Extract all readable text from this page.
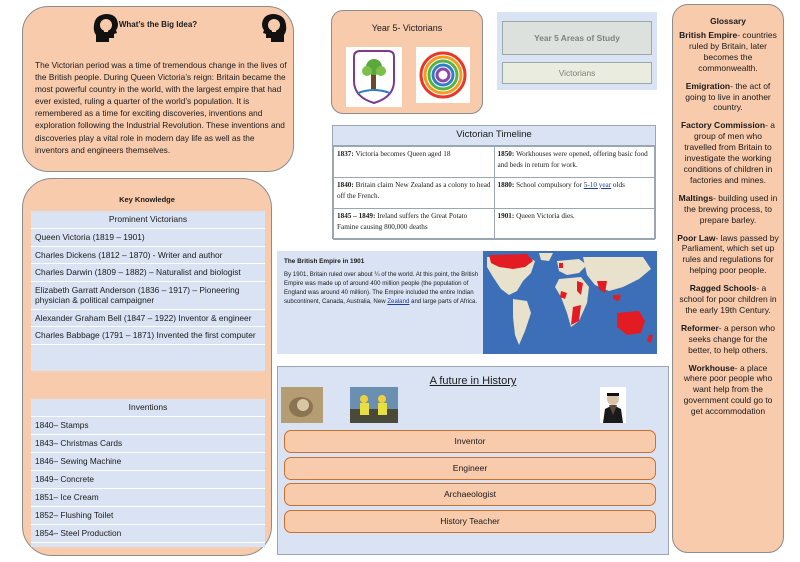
What’s the Big Idea?

The Victorian period was a time of tremendous change in the lives of the British people. During Queen Victoria’s reign: Britain became the most powerful country in the world, with the largest empire that had ever existed, ruling a quarter of the world’s population. It is remembered as a time for exciting discoveries, inventions and exploration following the Industrial Revolution. These inventions and discoveries play a vital role in modern day life as well as the inventors and engineers themselves.

Key Knowledge
Prominent Victorians
Queen Victoria (1819 – 1901)
Charles Dickens (1812 – 1870) - Writer and author
Charles Darwin (1809 – 1882) – Naturalist and biologist
Elizabeth Garratt Anderson (1836 – 1917) – Pioneering physician & political campaigner
Alexander Graham Bell (1847 – 1922) Inventor & engineer
Charles Babbage (1791 – 1871) Invented the first computer
Inventions
1840– Stamps
1843– Christmas Cards
1846– Sewing Machine
1849– Concrete
1851– Ice Cream
1852– Flushing Toilet
1854– Steel Production
Year 5- Victorians
Year 5 Areas of Study
Victorians
Victorian Timeline
1837: Victoria becomes Queen aged 18	1850: Workhouses were opened, offering basic food and beds in return for work.
1840: Britain claim New Zealand as a colony to head off the French.	1880: School compulsory for 5-10 year olds
1845 – 1849: Ireland suffers the Great Potato Famine causing 800,000 deaths	1901: Queen Victoria dies.
The British Empire in 1901

By 1901, Britain ruled over about ¼ of the world. At this point, the British Empire was made up of around 400 million people (the population of England was around 40 million). The Empire included the entire Indian subcontinent, Canada, Australia, New Zealand and large parts of Africa.

A future in History
Inventor
Engineer
Archaeologist
History Teacher
Glossary
British Empire- countries ruled by Britain, later becomes the commonwealth.
Emigration- the act of going to live in another country.
Factory Commission- a group of men who travelled from Britain to investigate the working conditions of children in factories and mines.
Maltings- building used in the brewing process, to prepare barley.
Poor Law- laws passed by Parliament, which set up rules and regulations for helping poor people.
Ragged Schools- a school for poor children in the early 19th Century.
Reformer- a person who seeks change for the better, to help others.
Workhouse- a place where poor people who want help from the government could go to get accommodation
